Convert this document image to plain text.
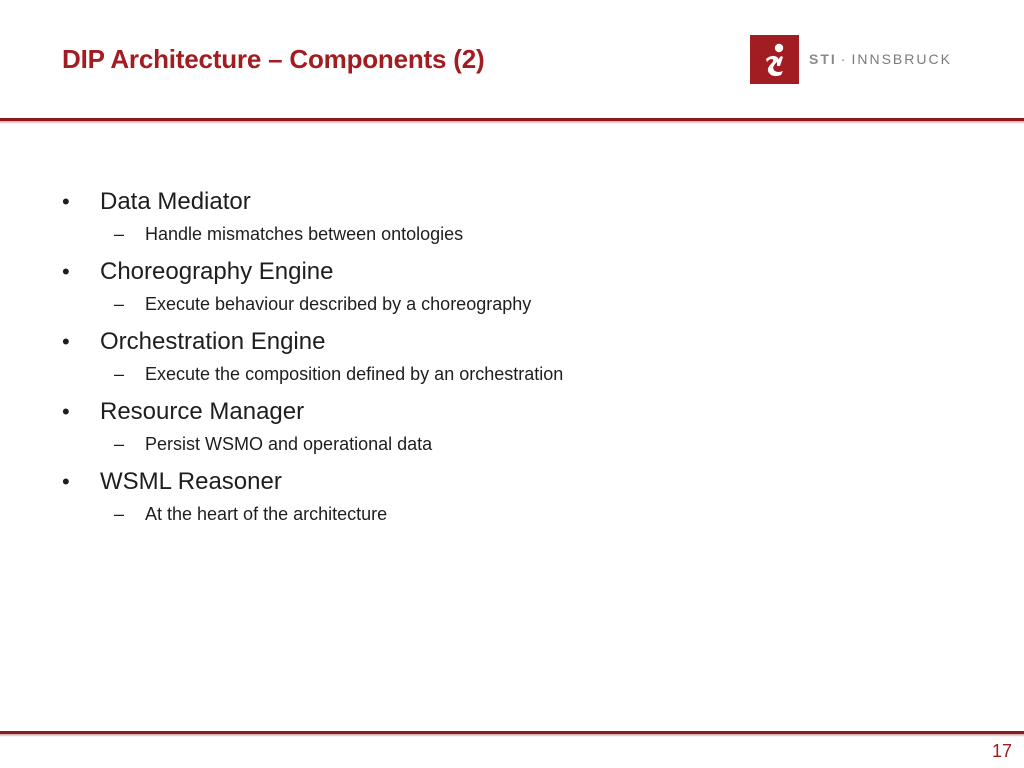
DIP Architecture – Components (2)	STI · INNSBRUCK
•	Data Mediator
–	Handle mismatches between ontologies
•	Choreography Engine
–	Execute behaviour described by a choreography
•	Orchestration Engine
–	Execute the composition defined by an orchestration
•	Resource Manager
–	Persist WSMO and operational data
•	WSML Reasoner
–	At the heart of the architecture
17
